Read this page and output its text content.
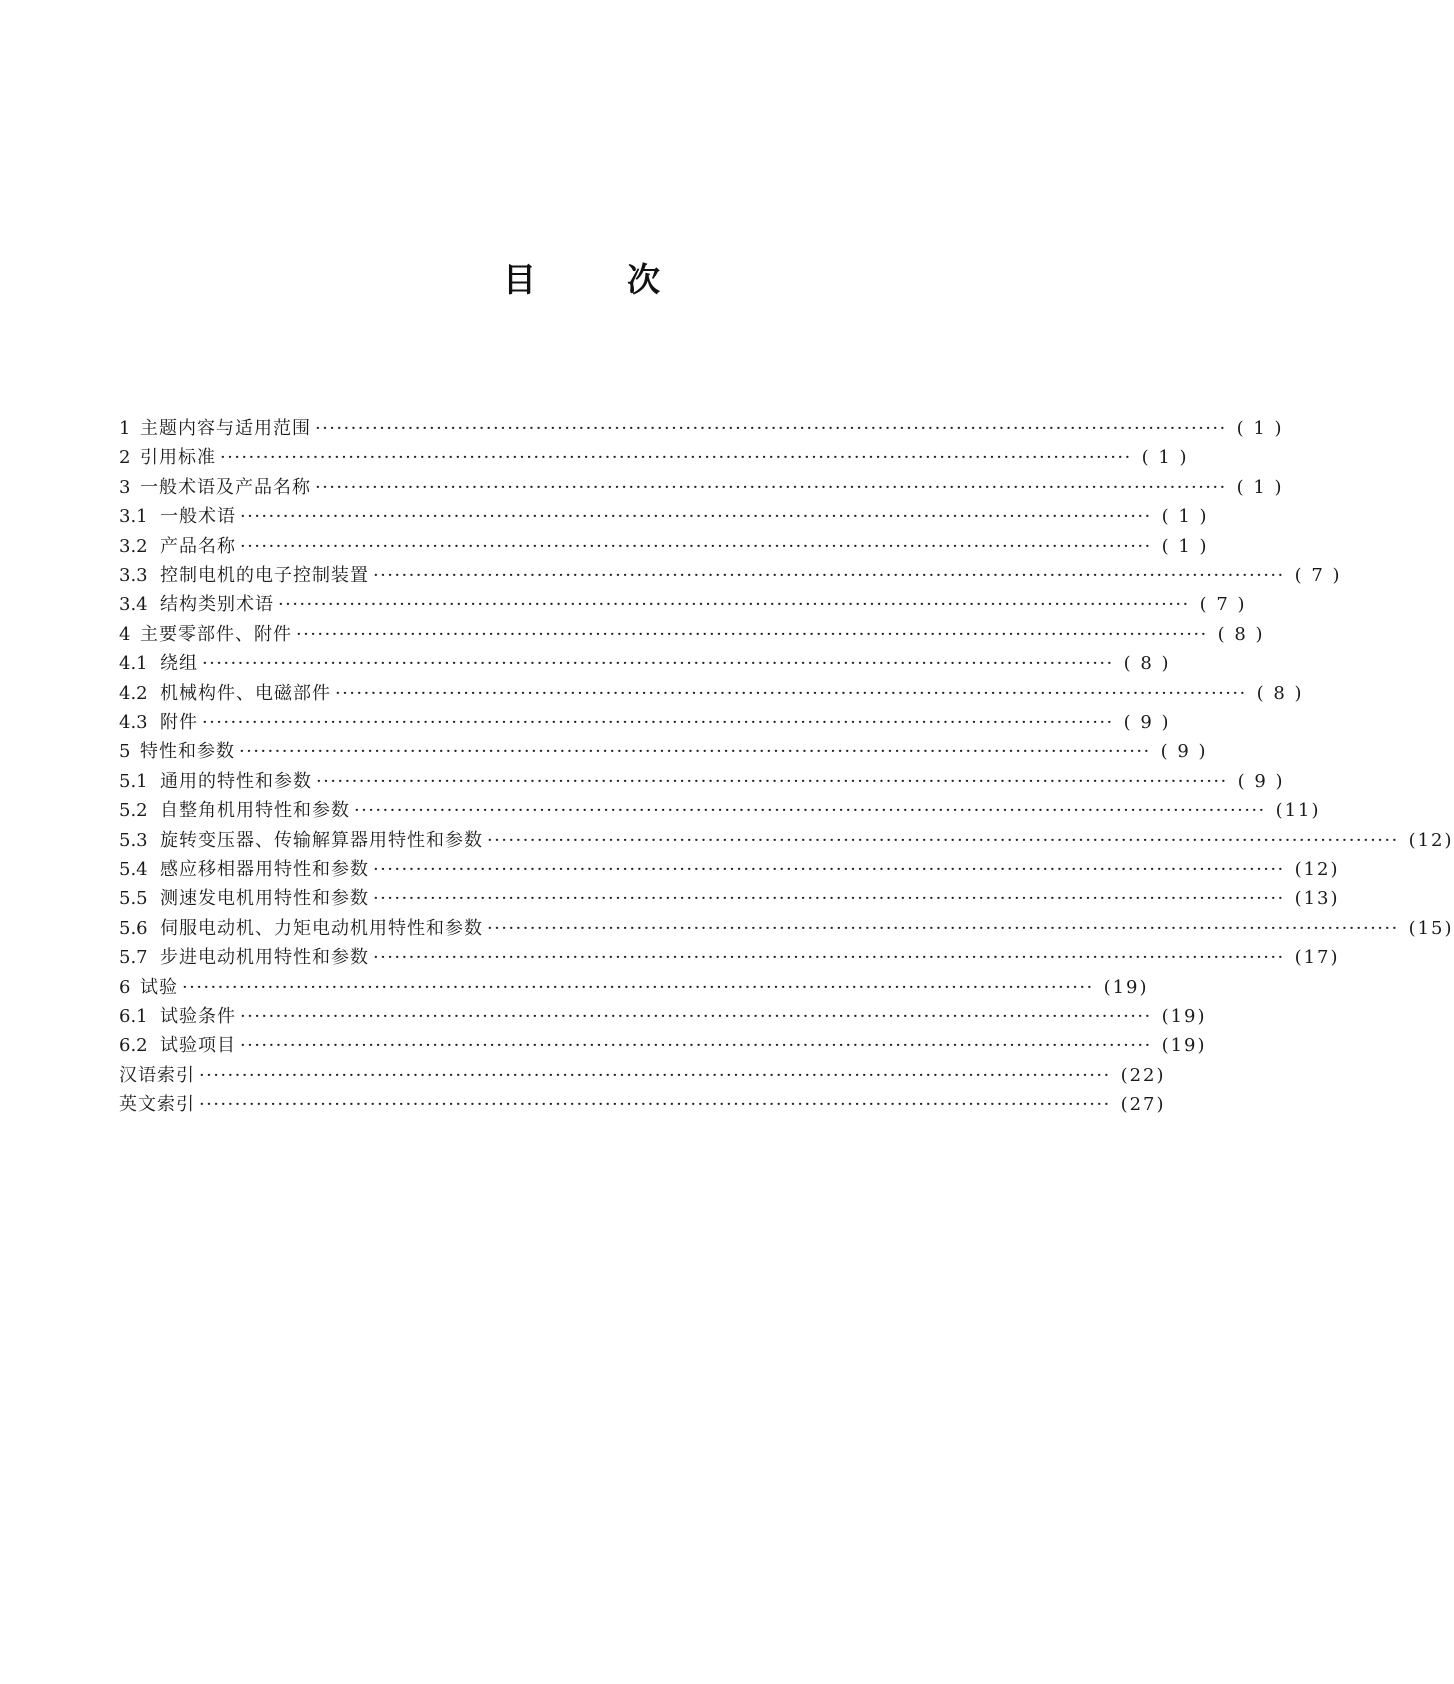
目	次
1 主题内容与适用范围 ································································································································ ( 1 )
2 引用标准 ································································································································ ( 1 )
3 一般术语及产品名称 ································································································································ ( 1 )
3.1 一般术语 ································································································································ ( 1 )
3.2 产品名称 ································································································································ ( 1 )
3.3 控制电机的电子控制装置 ································································································································ ( 7 )
3.4 结构类别术语 ································································································································ ( 7 )
4 主要零部件、附件 ································································································································ ( 8 )
4.1 绕组 ································································································································ ( 8 )
4.2 机械构件、电磁部件 ································································································································ ( 8 )
4.3 附件 ································································································································ ( 9 )
5 特性和参数 ································································································································ ( 9 )
5.1 通用的特性和参数 ································································································································ ( 9 )
5.2 自整角机用特性和参数 ································································································································ (11)
5.3 旋转变压器、传输解算器用特性和参数 ································································································································ (12)
5.4 感应移相器用特性和参数 ································································································································ (12)
5.5 测速发电机用特性和参数 ································································································································ (13)
5.6 伺服电动机、力矩电动机用特性和参数 ································································································································ (15)
5.7 步进电动机用特性和参数 ································································································································ (17)
6 试验 ································································································································ (19)
6.1 试验条件 ································································································································ (19)
6.2 试验项目 ································································································································ (19)
汉语索引 ································································································································ (22)
英文索引 ································································································································ (27)
